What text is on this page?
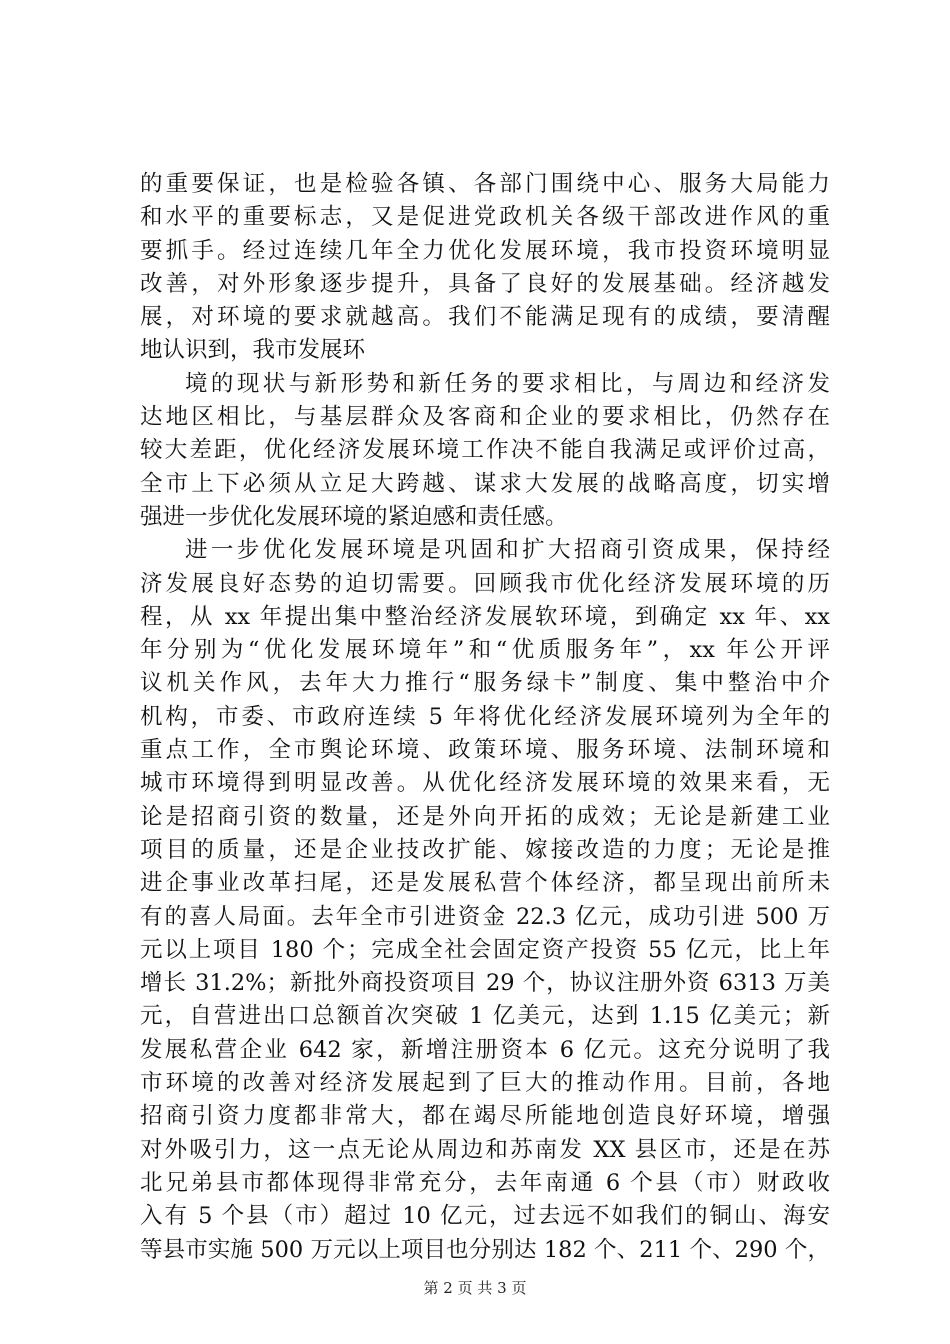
的重要保证，也是检验各镇、各部门围绕中心、服务大局能力
和水平的重要标志，又是促进党政机关各级干部改进作风的重
要抓手。经过连续几年全力优化发展环境，我市投资环境明显
改善，对外形象逐步提升，具备了良好的发展基础。经济越发
展，对环境的要求就越高。我们不能满足现有的成绩，要清醒
地认识到，我市发展环
境的现状与新形势和新任务的要求相比，与周边和经济发
达地区相比，与基层群众及客商和企业的要求相比，仍然存在
较大差距，优化经济发展环境工作决不能自我满足或评价过高，
全市上下必须从立足大跨越、谋求大发展的战略高度，切实增
强进一步优化发展环境的紧迫感和责任感。
进一步优化发展环境是巩固和扩大招商引资成果，保持经
济发展良好态势的迫切需要。回顾我市优化经济发展环境的历
程，从 xx 年提出集中整治经济发展软环境，到确定 xx 年、xx
年分别为“优化发展环境年”和“优质服务年”，xx 年公开评
议机关作风，去年大力推行“服务绿卡”制度、集中整治中介
机构，市委、市政府连续 5 年将优化经济发展环境列为全年的
重点工作，全市舆论环境、政策环境、服务环境、法制环境和
城市环境得到明显改善。从优化经济发展环境的效果来看，无
论是招商引资的数量，还是外向开拓的成效；无论是新建工业
项目的质量，还是企业技改扩能、嫁接改造的力度；无论是推
进企事业改革扫尾，还是发展私营个体经济，都呈现出前所未
有的喜人局面。去年全市引进资金 22.3 亿元，成功引进 500 万
元以上项目 180 个；完成全社会固定资产投资 55 亿元，比上年
增长 31.2%；新批外商投资项目 29 个，协议注册外资 6313 万美
元，自营进出口总额首次突破 1 亿美元，达到 1.15 亿美元；新
发展私营企业 642 家，新增注册资本 6 亿元。这充分说明了我
市环境的改善对经济发展起到了巨大的推动作用。目前，各地
招商引资力度都非常大，都在竭尽所能地创造良好环境，增强
对外吸引力，这一点无论从周边和苏南发 XX 县区市，还是在苏
北兄弟县市都体现得非常充分，去年南通 6 个县（市）财政收
入有 5 个县（市）超过 10 亿元，过去远不如我们的铜山、海安
等县市实施 500 万元以上项目也分别达 182 个、211 个、290 个，
第 2 页 共 3 页
